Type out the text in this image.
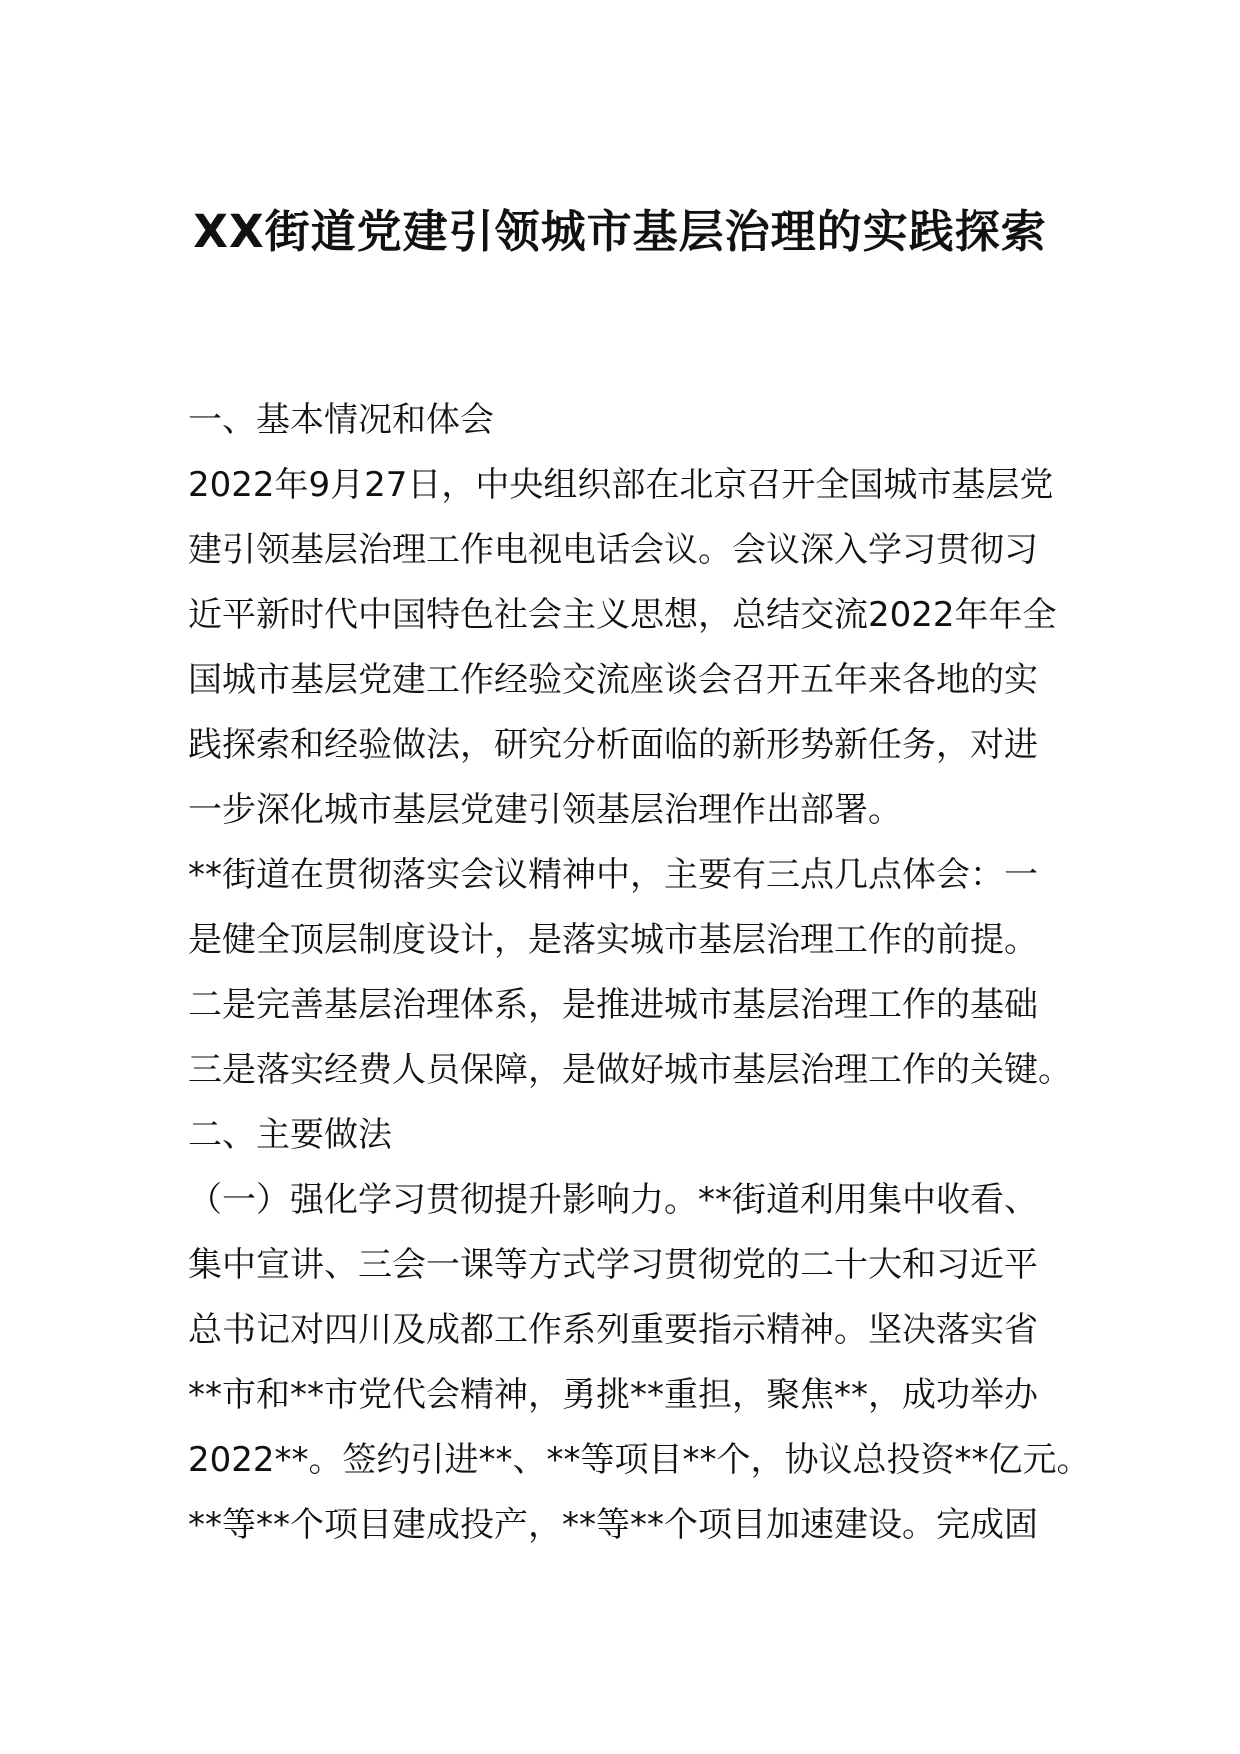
XX街道党建引领城市基层治理的实践探索

一、基本情况和体会

2022年9月27日，中央组织部在北京召开全国城市基层党

建引领基层治理工作电视电话会议。会议深入学习贯彻习

近平新时代中国特色社会主义思想，总结交流2022年年全

国城市基层党建工作经验交流座谈会召开五年来各地的实

践探索和经验做法，研究分析面临的新形势新任务，对进

一步深化城市基层党建引领基层治理作出部署。

**街道在贯彻落实会议精神中，主要有三点几点体会：一

是健全顶层制度设计，是落实城市基层治理工作的前提。

二是完善基层治理体系，是推进城市基层治理工作的基础

三是落实经费人员保障，是做好城市基层治理工作的关键。

二、主要做法

（一）强化学习贯彻提升影响力。**街道利用集中收看、

集中宣讲、三会一课等方式学习贯彻党的二十大和习近平

总书记对四川及成都工作系列重要指示精神。坚决落实省

**市和**市党代会精神，勇挑**重担，聚焦**，成功举办

2022**。签约引进**、**等项目**个，协议总投资**亿元。

**等**个项目建成投产，**等**个项目加速建设。完成固
